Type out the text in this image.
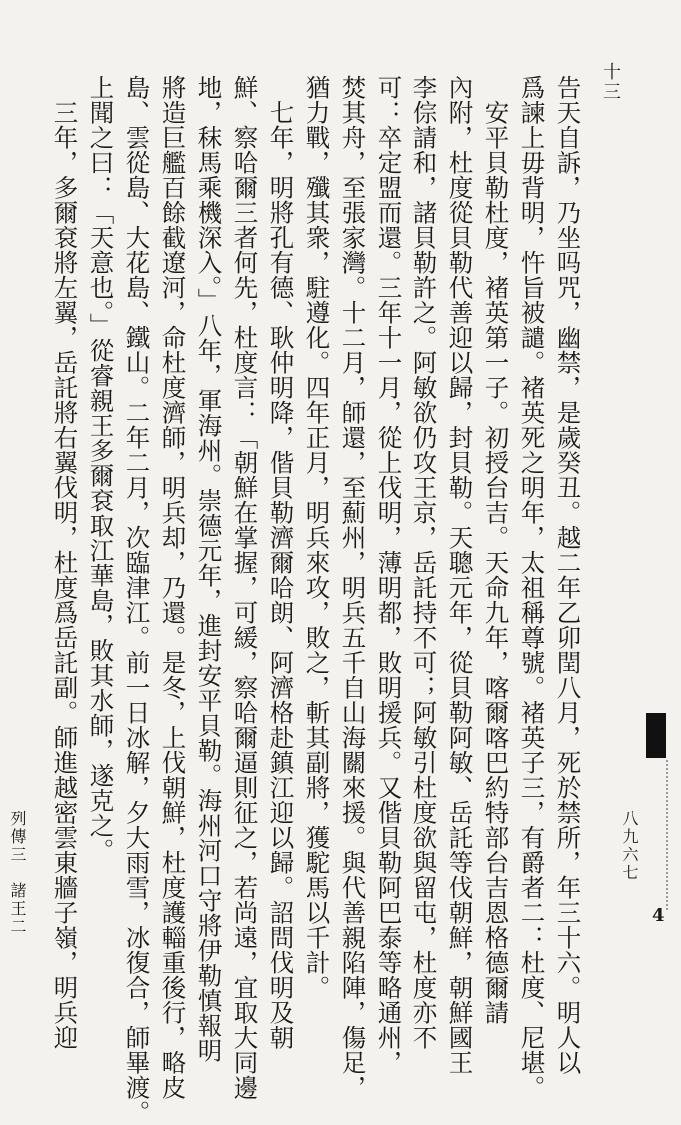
十三
告天自訴，乃坐吗咒，幽禁，是歲癸丑。越二年乙卯閏八月，死於禁所，年三十六。明人以
爲諫上毋背明，忤旨被譴。褚英死之明年，太祖稱尊號。褚英子三，有爵者二：杜度、尼堪。
　安平貝勒杜度，褚英第一子。初授台吉。天命九年，喀爾喀巴約特部台吉恩格德爾請
內附，杜度從貝勒代善迎以歸，封貝勒。天聰元年，從貝勒阿敏、岳託等伐朝鮮，朝鮮國王
李倧請和，諸貝勒許之。阿敏欲仍攻王京，岳託持不可；阿敏引杜度欲與留屯，杜度亦不
可：卒定盟而還。三年十一月，從上伐明，薄明都，敗明援兵。又偕貝勒阿巴泰等略通州，
焚其舟，至張家灣。十二月，師還，至薊州，明兵五千自山海關來援。與代善親陷陣，傷足，
猶力戰，殲其衆，駐遵化。四年正月，明兵來攻，敗之，斬其副將，獲駝馬以千計。
　七年，明將孔有德、耿仲明降，偕貝勒濟爾哈朗、阿濟格赴鎮江迎以歸。詔問伐明及朝
鮮、察哈爾三者何先，杜度言：「朝鮮在掌握，可緩，察哈爾逼則征之，若尚遠，宜取大同邊
地，秣馬乘機深入。」八年，軍海州。崇德元年，進封安平貝勒。海州河口守將伊勒慎報明
將造巨艦百餘截遼河，命杜度濟師，明兵却，乃還。是冬，上伐朝鮮，杜度護輜重後行，略皮
島、雲從島、大花島、鐵山。二年二月，次臨津江。前一日冰解，夕大雨雪，冰復合，師畢渡。
上聞之曰：「天意也。」從睿親王多爾袞取江華島，敗其水師，遂克之。
　三年，多爾袞將左翼，岳託將右翼伐明，杜度爲岳託副。師進越密雲東牆子嶺，明兵迎
列傳三　諸王二	八九六七
4
